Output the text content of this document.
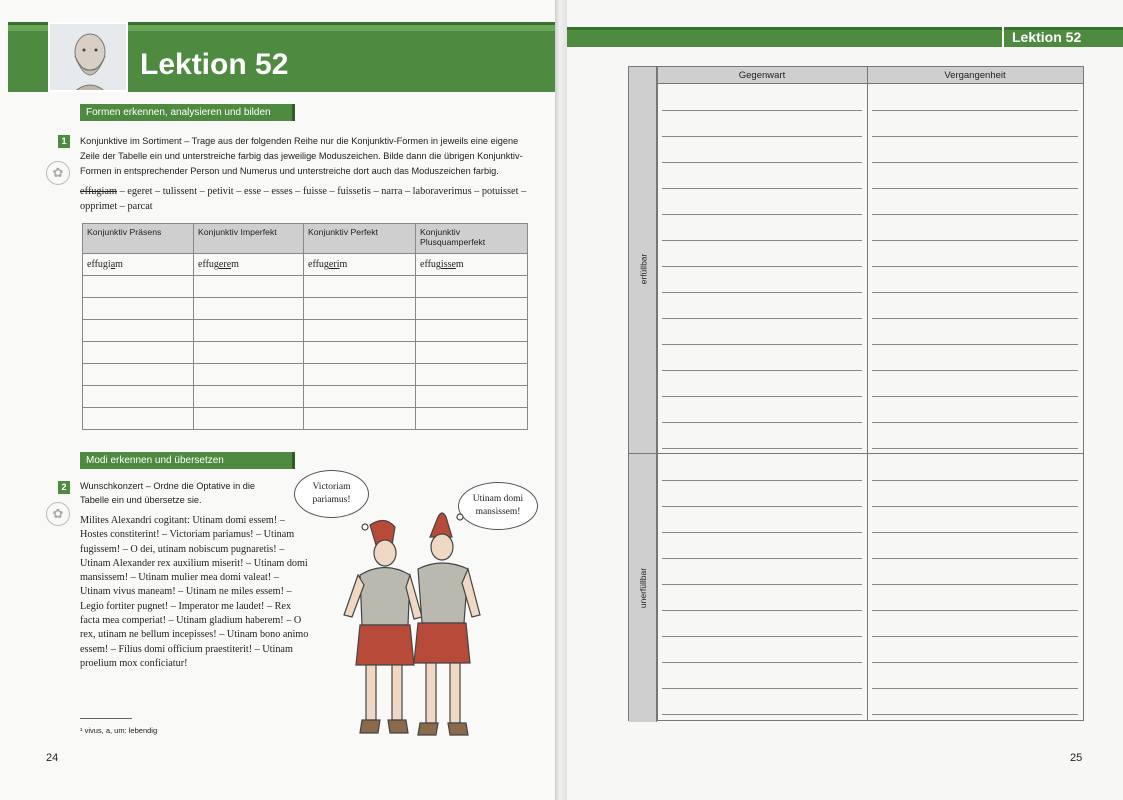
Lektion 52
Formen erkennen, analysieren und bilden
1
✿
Konjunktive im Sortiment – Trage aus der folgenden Reihe nur die Konjunktiv-Formen in jeweils eine eigene Zeile der Tabelle ein und unterstreiche farbig das jeweilige Moduszeichen. Bilde dann die übrigen Konjunktiv-Formen in entsprechender Person und Numerus und unterstreiche dort auch das Moduszeichen farbig.
effugiam – egeret – tulissent – petivit – esse – esses – fuisse – fuissetis – narra – laboraverimus – potuisset – opprimet – parcat
Konjunktiv Präsens	Konjunktiv Imperfekt	Konjunktiv Perfekt	Konjunktiv Plusquamperfekt
effugiam	effugerem	effugerim	effugissem

Modi erkennen und übersetzen
2
✿
Wunschkonzert – Ordne die Optative in die Tabelle ein und übersetze sie.
Milites Alexandri cogitant: Utinam domi essem! – Hostes constiterint! – Victoriam pariamus! – Utinam fugissem! – O dei, utinam nobiscum pugnaretis! – Utinam Alexander rex auxilium miserit! – Utinam domi mansissem! – Utinam mulier mea domi valeat! – Utinam vivus maneam! – Utinam ne miles essem! – Legio fortiter pugnet! – Imperator me laudet! – Rex facta mea comperiat! – Utinam gladium haberem! – O rex, utinam ne bellum incepisses! – Utinam bono animo essem! – Filius domi officium praestiterit! – Utinam proelium mox conficiatur!
Victoriam pariamus!	Utinam domi mansissem!
¹ vivus, a, um: lebendig
24
Lektion 52
Gegenwart	Vergangenheit
erfüllbar
unerfüllbar
25
